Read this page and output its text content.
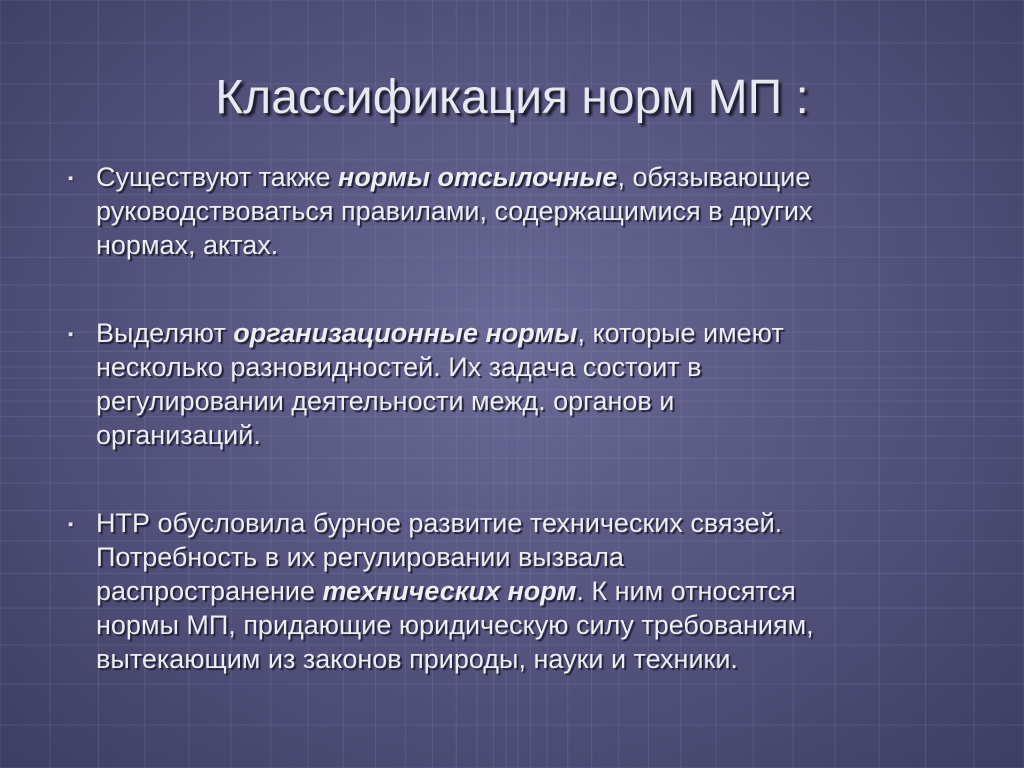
Классификация норм МП :
▪ Существуют также нормы отсылочные, обязывающие
руководствоваться правилами, содержащимися в других
нормах, актах.
▪ Выделяют организационные нормы, которые имеют
несколько разновидностей. Их задача состоит в
регулировании деятельности межд. органов и
организаций.
▪ НТР обусловила бурное развитие технических связей.
Потребность в их регулировании вызвала
распространение технических норм. К ним относятся
нормы МП, придающие юридическую силу требованиям,
вытекающим из законов природы, науки и техники.
